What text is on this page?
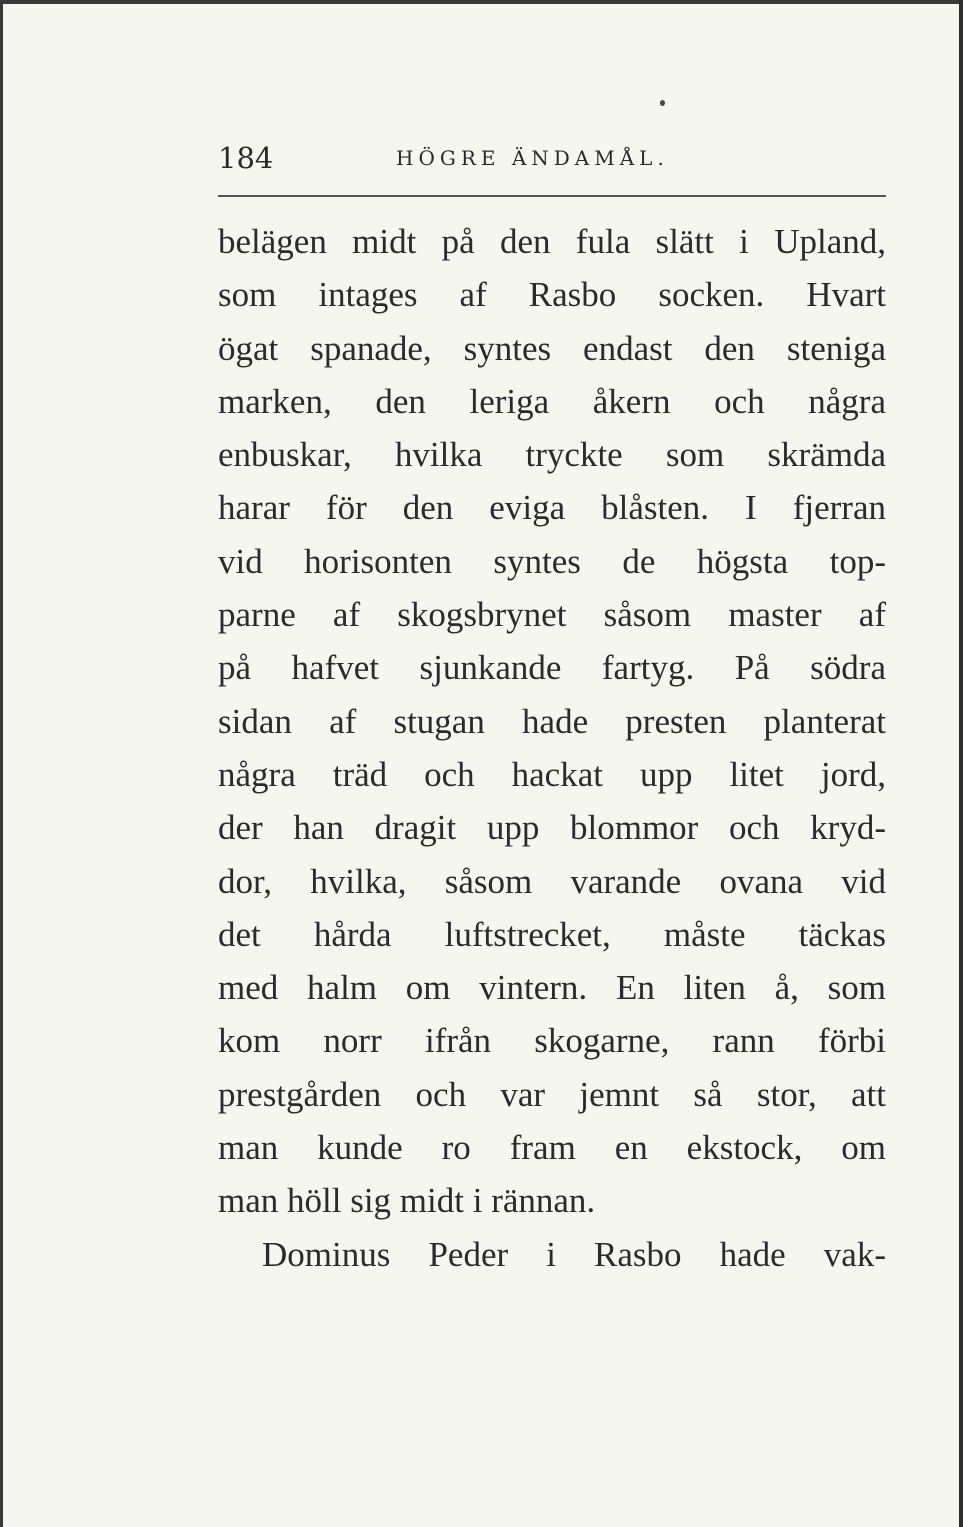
184	HÖGRE ÄNDAMÅL.
belägen midt på den fula slätt i Upland,
som intages af Rasbo socken. Hvart
ögat spanade, syntes endast den steniga
marken, den leriga åkern och några
enbuskar, hvilka tryckte som skrämda
harar för den eviga blåsten. I fjerran
vid horisonten syntes de högsta top-
parne af skogsbrynet såsom master af
på hafvet sjunkande fartyg. På södra
sidan af stugan hade presten planterat
några träd och hackat upp litet jord,
der han dragit upp blommor och kryd-
dor, hvilka, såsom varande ovana vid
det hårda luftstrecket, måste täckas
med halm om vintern. En liten å, som
kom norr ifrån skogarne, rann förbi
prestgården och var jemnt så stor, att
man kunde ro fram en ekstock, om
man höll sig midt i rännan.
Dominus Peder i Rasbo hade vak-
